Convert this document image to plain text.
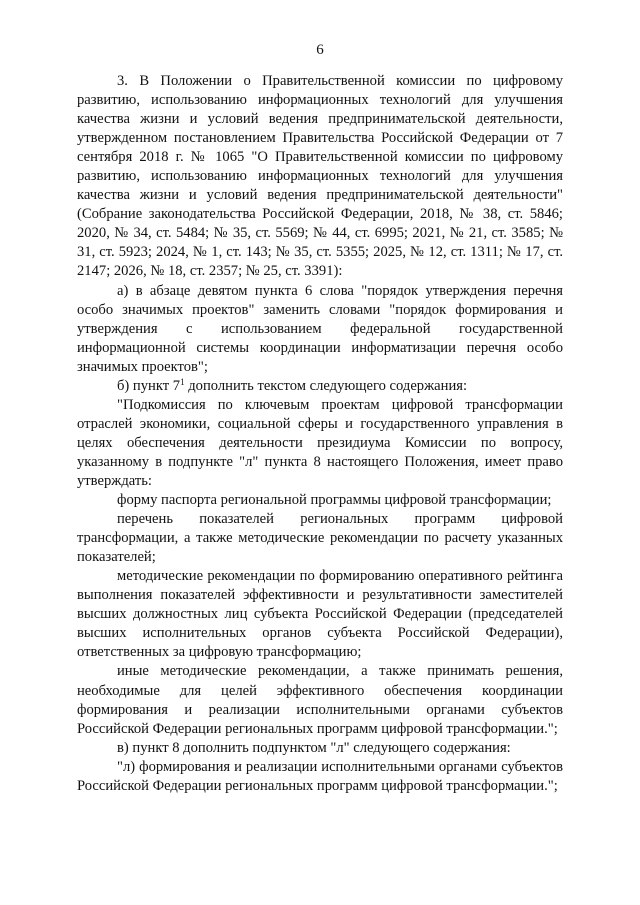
6

3. В Положении о Правительственной комиссии по цифровому развитию, использованию информационных технологий для улучшения качества жизни и условий ведения предпринимательской деятельности, утвержденном постановлением Правительства Российской Федерации от 7 сентября 2018 г. № 1065 "О Правительственной комиссии по цифровому развитию, использованию информационных технологий для улучшения качества жизни и условий ведения предпринимательской деятельности" (Собрание законодательства Российской Федерации, 2018, № 38, ст. 5846; 2020, № 34, ст. 5484; № 35, ст. 5569; № 44, ст. 6995; 2021, № 21, ст. 3585; № 31, ст. 5923; 2024, № 1, ст. 143; № 35, ст. 5355; 2025, № 12, ст. 1311; № 17, ст. 2147; 2026, № 18, ст. 2357; № 25, ст. 3391):

а) в абзаце девятом пункта 6 слова "порядок утверждения перечня особо значимых проектов" заменить словами "порядок формирования и утверждения с использованием федеральной государственной информационной системы координации информатизации перечня особо значимых проектов";

б) пункт $7^1$ дополнить текстом следующего содержания:

"Подкомиссия по ключевым проектам цифровой трансформации отраслей экономики, социальной сферы и государственного управления в целях обеспечения деятельности президиума Комиссии по вопросу, указанному в подпункте "л" пункта 8 настоящего Положения, имеет право утверждать:

форму паспорта региональной программы цифровой трансформации;

перечень показателей региональных программ цифровой трансформации, а также методические рекомендации по расчету указанных показателей;

методические рекомендации по формированию оперативного рейтинга выполнения показателей эффективности и результативности заместителей высших должностных лиц субъекта Российской Федерации (председателей высших исполнительных органов субъекта Российской Федерации), ответственных за цифровую трансформацию;

иные методические рекомендации, а также принимать решения, необходимые для целей эффективного обеспечения координации формирования и реализации исполнительными органами субъектов Российской Федерации региональных программ цифровой трансформации.";

в) пункт 8 дополнить подпунктом "л" следующего содержания:

"л) формирования и реализации исполнительными органами субъектов Российской Федерации региональных программ цифровой трансформации.";
